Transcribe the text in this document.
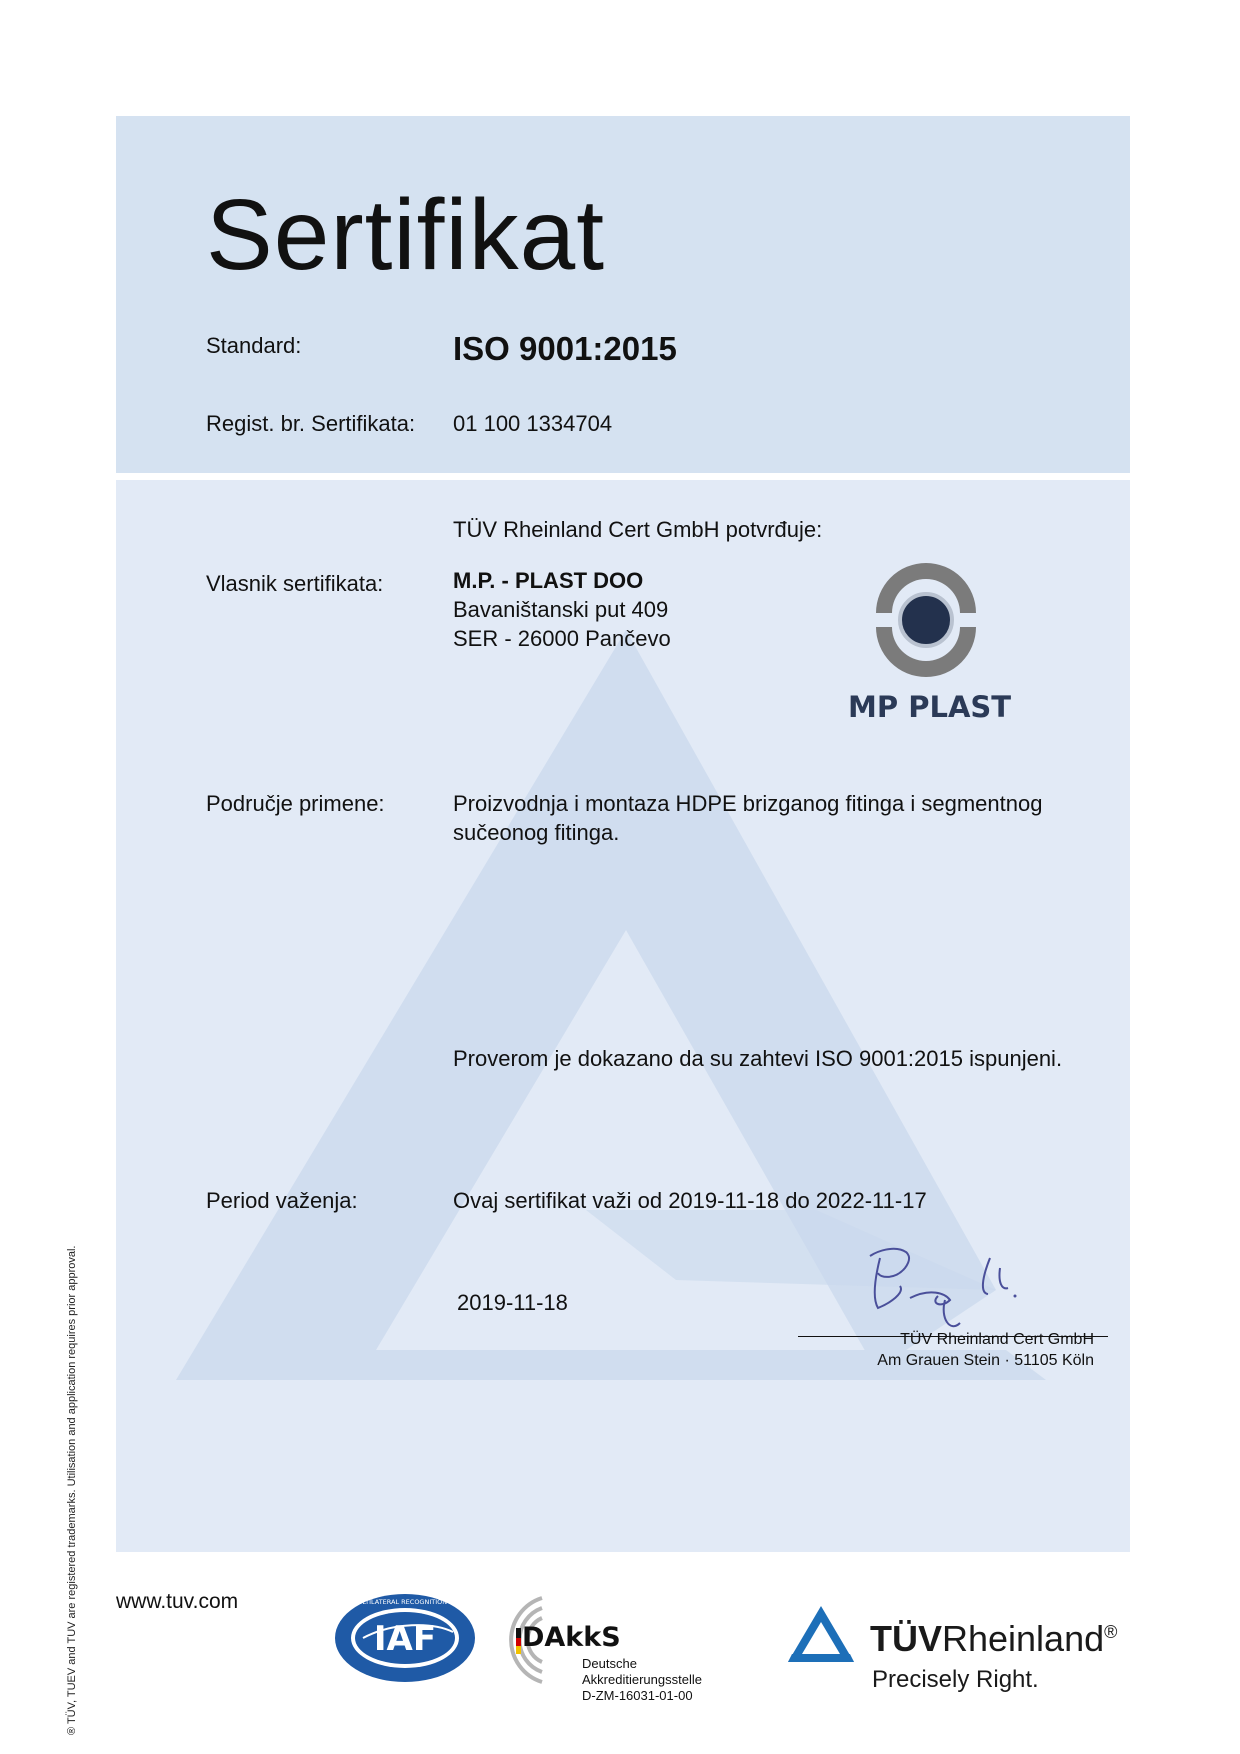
Sertifikat
Standard:	ISO 9001:2015
Regist. br. Sertifikata: 01 100 1334704
TÜV Rheinland Cert GmbH potvrđuje:
Vlasnik sertifikata:	M.P. - PLAST DOO
Bavaništanski put 409
SER - 26000 Pančevo
MP PLAST
Područje primene:	Proizvodnja i montaza HDPE brizganog fitinga i segmentnog
sučeonog fitinga.
Proverom je dokazano da su zahtevi ISO 9001:2015 ispunjeni.
Period važenja:	Ovaj sertifikat važi od 2019-11-18 do 2022-11-17
2019-11-18
TÜV Rheinland Cert GmbH
Am Grauen Stein · 51105 Köln
® TÜV, TUEV and TUV are registered trademarks. Utilisation and application requires prior approval. www.tuv.com
IAF
MEMBER OF MULTILATERAL RECOGNITION ARRANGEMENT
DAkkS
Deutsche
Akkreditierungsstelle
D-ZM-16031-01-00
TÜVRheinland®
Precisely Right.
